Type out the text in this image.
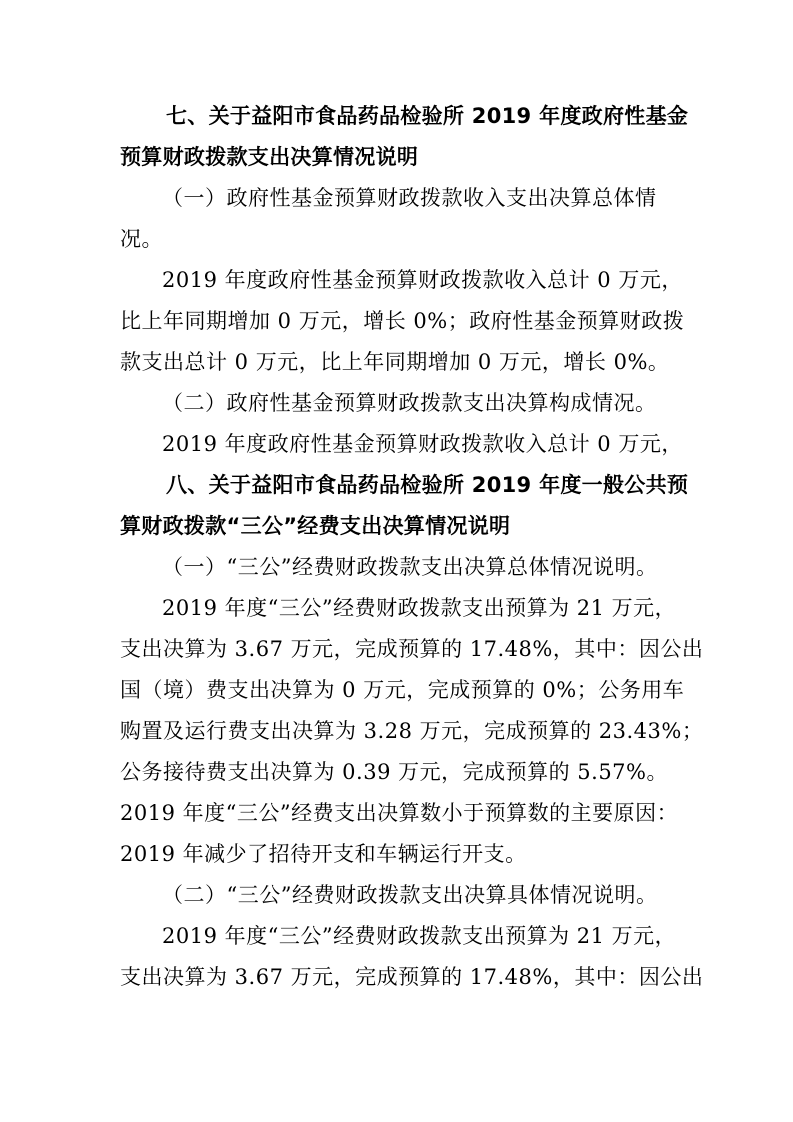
七、关于益阳市食品药品检验所 2019 年度政府性基金
预算财政拨款支出决算情况说明
（一）政府性基金预算财政拨款收入支出决算总体情
况。
2019 年度政府性基金预算财政拨款收入总计 0 万元，
比上年同期增加 0 万元，增长 0%；政府性基金预算财政拨
款支出总计 0 万元，比上年同期增加 0 万元，增长 0%。
（二）政府性基金预算财政拨款支出决算构成情况。
2019 年度政府性基金预算财政拨款收入总计 0 万元，
八、关于益阳市食品药品检验所 2019 年度一般公共预
算财政拨款“三公”经费支出决算情况说明
（一）“三公”经费财政拨款支出决算总体情况说明。
2019 年度“三公”经费财政拨款支出预算为 21 万元，
支出决算为 3.67 万元，完成预算的 17.48%，其中：因公出
国（境）费支出决算为 0 万元，完成预算的 0%；公务用车
购置及运行费支出决算为 3.28 万元，完成预算的 23.43%；
公务接待费支出决算为 0.39 万元，完成预算的 5.57%。
2019 年度“三公”经费支出决算数小于预算数的主要原因：
2019 年减少了招待开支和车辆运行开支。
（二）“三公”经费财政拨款支出决算具体情况说明。
2019 年度“三公”经费财政拨款支出预算为 21 万元，
支出决算为 3.67 万元，完成预算的 17.48%，其中：因公出
